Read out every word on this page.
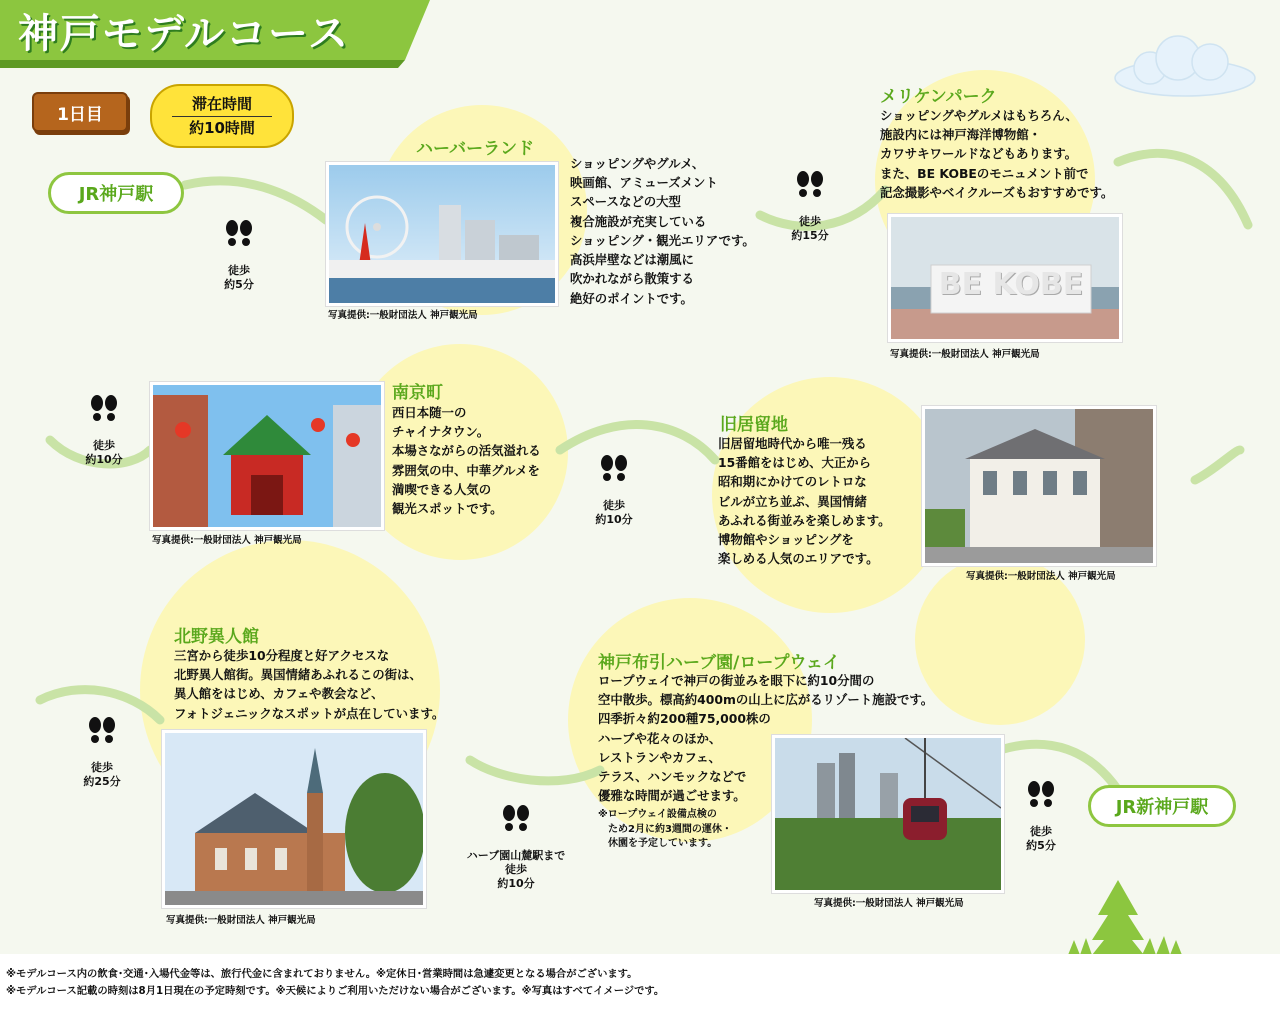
神戸モデルコース
1日目
滞在時間
約10時間
JR神戸駅
JR新神戸駅
ハーバーランド
写真提供:一般財団法人 神戸観光局
ショッピングやグルメ、
映画館、アミューズメント
スペースなどの大型
複合施設が充実している
ショッピング・観光エリアです。
高浜岸壁などは潮風に
吹かれながら散策する
絶好のポイントです。
メリケンパーク
ショッピングやグルメはもちろん、
施設内には神戸海洋博物館・
カワサキワールドなどもあります。
また、BE KOBEのモニュメント前で
記念撮影やベイクルーズもおすすめです。
BE KOBE
写真提供:一般財団法人 神戸観光局
写真提供:一般財団法人 神戸観光局
南京町
西日本随一の
チャイナタウン。
本場さながらの活気溢れる
雰囲気の中、中華グルメを
満喫できる人気の
観光スポットです。
旧居留地
旧居留地時代から唯一残る
15番館をはじめ、大正から
昭和期にかけてのレトロな
ビルが立ち並ぶ、異国情緒
あふれる街並みを楽しめます。
博物館やショッピングを
楽しめる人気のエリアです。
写真提供:一般財団法人 神戸観光局
北野異人館
三宮から徒歩10分程度と好アクセスな
北野異人館街。異国情緒あふれるこの街は、
異人館をはじめ、カフェや教会など、
フォトジェニックなスポットが点在しています。
写真提供:一般財団法人 神戸観光局
神戸布引ハーブ園/ロープウェイ
ロープウェイで神戸の街並みを眼下に約10分間の
空中散歩。標高約400mの山上に広がるリゾート施設です。
四季折々約200種75,000株の
ハーブや花々のほか、
レストランやカフェ、
テラス、ハンモックなどで
優雅な時間が過ごせます。
※ロープウェイ設備点検の
　ため2月に約3週間の運休・
　休園を予定しています。
写真提供:一般財団法人 神戸観光局

徒歩
約5分

徒歩
約15分

徒歩
約10分

徒歩
約10分

徒歩
約25分

ハーブ園山麓駅まで
徒歩
約10分

徒歩
約5分

※モデルコース内の飲食･交通･入場代金等は、旅行代金に含まれておりません。※定休日･営業時間は急遽変更となる場合がございます。
※モデルコース記載の時刻は8月1日現在の予定時刻です。※天候によりご利用いただけない場合がございます。※写真はすべてイメージです。
